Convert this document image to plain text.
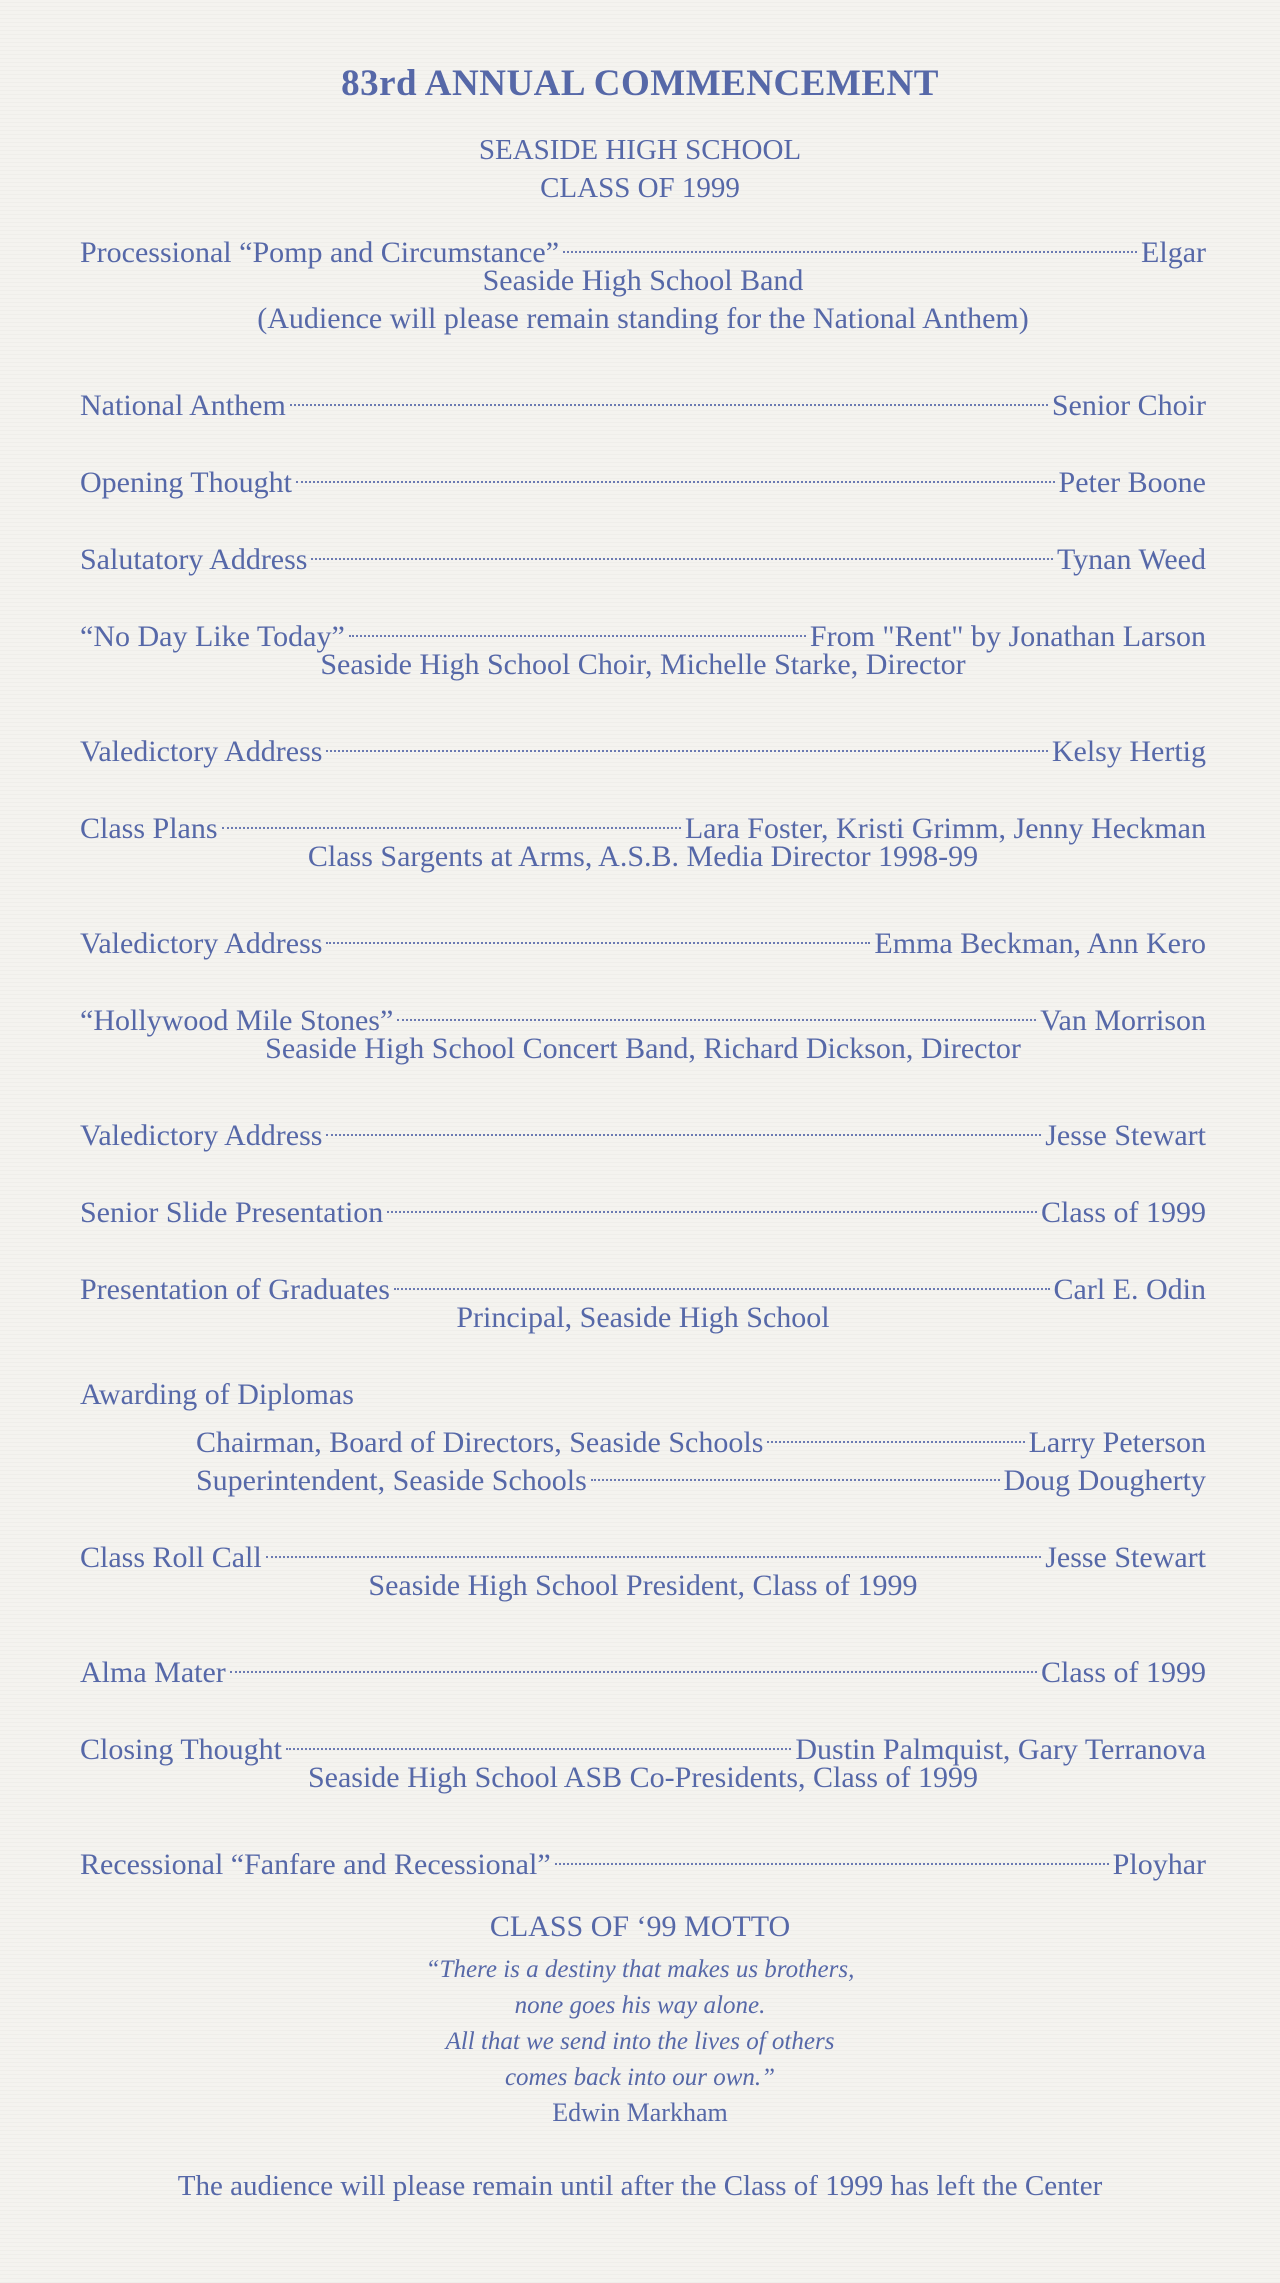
83rd ANNUAL COMMENCEMENT
SEASIDE HIGH SCHOOL
CLASS OF 1999
Processional “Pomp and Circumstance”	Elgar
Seaside High School Band
(Audience will please remain standing for the National Anthem)
National Anthem	Senior Choir
Opening Thought	Peter Boone
Salutatory Address	Tynan Weed
“No Day Like Today”	From "Rent" by Jonathan Larson
Seaside High School Choir, Michelle Starke, Director
Valedictory Address	Kelsy Hertig
Class Plans	Lara Foster, Kristi Grimm, Jenny Heckman
Class Sargents at Arms, A.S.B. Media Director 1998-99
Valedictory Address	Emma Beckman, Ann Kero
“Hollywood Mile Stones”	Van Morrison
Seaside High School Concert Band, Richard Dickson, Director
Valedictory Address	Jesse Stewart
Senior Slide Presentation	Class of 1999
Presentation of Graduates	Carl E. Odin
Principal, Seaside High School
Awarding of Diplomas
Chairman, Board of Directors, Seaside Schools	Larry Peterson
Superintendent, Seaside Schools	Doug Dougherty
Class Roll Call	Jesse Stewart
Seaside High School President, Class of 1999
Alma Mater	Class of 1999
Closing Thought	Dustin Palmquist, Gary Terranova
Seaside High School ASB Co-Presidents, Class of 1999
Recessional “Fanfare and Recessional”	Ployhar
CLASS OF ‘99 MOTTO
“There is a destiny that makes us brothers,
none goes his way alone.
All that we send into the lives of others
comes back into our own.”
Edwin Markham
The audience will please remain until after the Class of 1999 has left the Center
